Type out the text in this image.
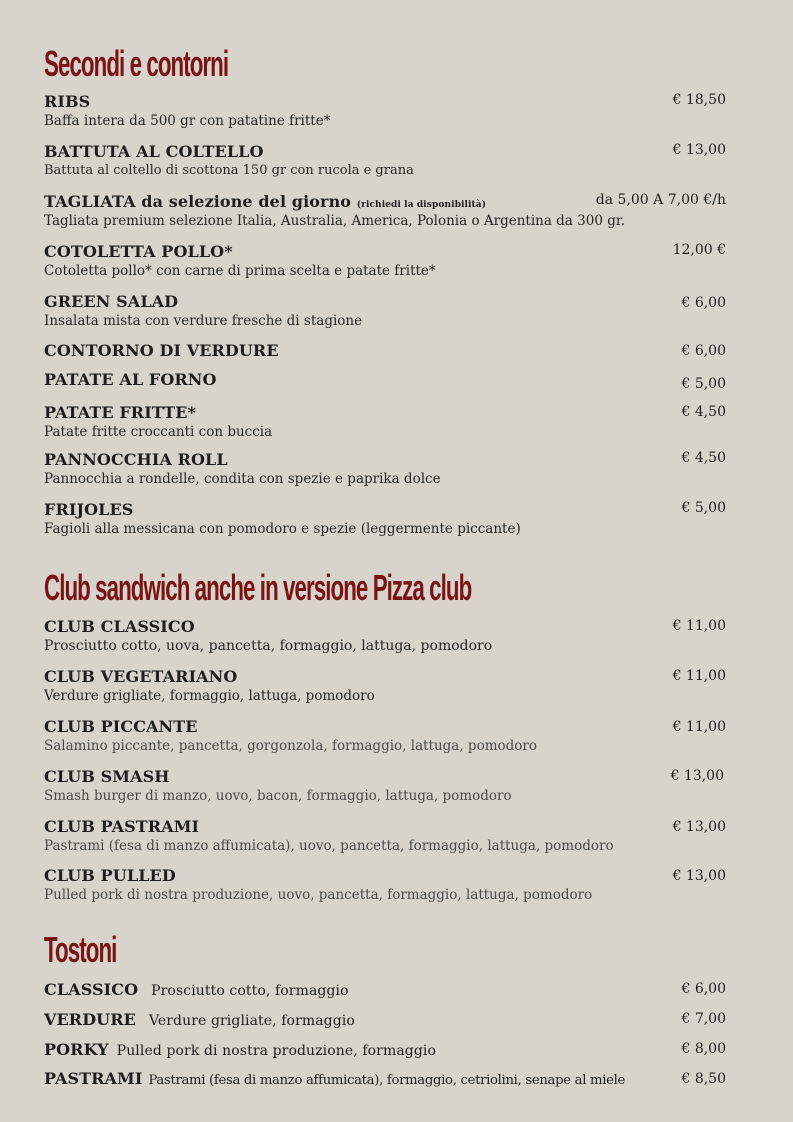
Secondi e contorni
RIBS	€ 18,50
Baffa intera da 500 gr con patatine fritte*
BATTUTA AL COLTELLO	€ 13,00
Battuta al coltello di scottona 150 gr con rucola e grana
TAGLIATA da selezione del giorno (richiedi la disponibilità)	da 5,00 A 7,00 €/h
Tagliata premium selezione Italia, Australia, America, Polonia o Argentina da 300 gr.
COTOLETTA POLLO*	12,00 €
Cotoletta pollo* con carne di prima scelta e patate fritte*
GREEN SALAD	€ 6,00
Insalata mista con verdure fresche di stagione
CONTORNO DI VERDURE	€ 6,00
PATATE AL FORNO	€ 5,00
PATATE FRITTE*	€ 4,50
Patate fritte croccanti con buccia
PANNOCCHIA ROLL	€ 4,50
Pannocchia a rondelle, condita con spezie e paprika dolce
FRIJOLES	€ 5,00
Fagioli alla messicana con pomodoro e spezie (leggermente piccante)
Club sandwich anche in versione Pizza club
CLUB CLASSICO	€ 11,00
Prosciutto cotto, uova, pancetta, formaggio, lattuga, pomodoro
CLUB VEGETARIANO	€ 11,00
Verdure grigliate, formaggio, lattuga, pomodoro
CLUB PICCANTE	€ 11,00
Salamino piccante, pancetta, gorgonzola, formaggio, lattuga, pomodoro
CLUB SMASH	€ 13,00
Smash burger di manzo, uovo, bacon, formaggio, lattuga, pomodoro
CLUB PASTRAMI	€ 13,00
Pastrami (fesa di manzo affumicata), uovo, pancetta, formaggio, lattuga, pomodoro
CLUB PULLED	€ 13,00
Pulled pork di nostra produzione, uovo, pancetta, formaggio, lattuga, pomodoro
Tostoni
CLASSICO Prosciutto cotto, formaggio	€ 6,00
VERDURE Verdure grigliate, formaggio	€ 7,00
PORKY Pulled pork di nostra produzione, formaggio	€ 8,00
PASTRAMI Pastrami (fesa di manzo affumicata), formaggio, cetriolini, senape al miele	€ 8,50
